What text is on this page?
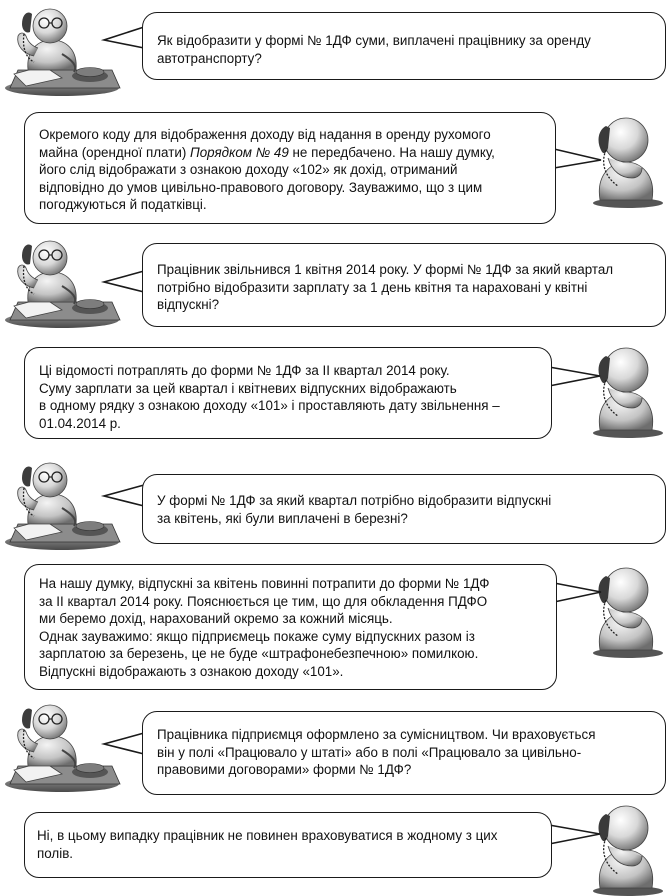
Як відобразити у формі № 1ДФ суми, виплачені працівнику за оренду
автотранспорту?
Окремого коду для відображення доходу від надання в оренду рухомого
майна (орендної плати) Порядком № 49 не передбачено. На нашу думку,
його слід відображати з ознакою доходу «102» як дохід, отриманий
відповідно до умов цивільно-правового договору. Зауважимо, що з цим
погоджуються й податківці.
Працівник звільнився 1 квітня 2014 року. У формі № 1ДФ за який квартал
потрібно відобразити зарплату за 1 день квітня та нараховані у квітні
відпускні?
Ці відомості потраплять до форми № 1ДФ за ІІ квартал 2014 року.
Суму зарплати за цей квартал і квітневих відпускних відображають
в одному рядку з ознакою доходу «101» і проставляють дату звільнення –
01.04.2014 р.
У формі № 1ДФ за який квартал потрібно відобразити відпускні
за квітень, які були виплачені в березні?
На нашу думку, відпускні за квітень повинні потрапити до форми № 1ДФ
за ІІ квартал 2014 року. Пояснюється це тим, що для обкладення ПДФО
ми беремо дохід, нарахований окремо за кожний місяць.
Однак зауважимо: якщо підприємець покаже суму відпускних разом із
зарплатою за березень, це не буде «штрафонебезпечною» помилкою.
Відпускні відображають з ознакою доходу «101».
Працівника підприємця оформлено за сумісництвом. Чи враховується
він у полі «Працювало у штаті» або в полі «Працювало за цивільно-
правовими договорами» форми № 1ДФ?
Ні, в цьому випадку працівник не повинен враховуватися в жодному з цих
полів.
